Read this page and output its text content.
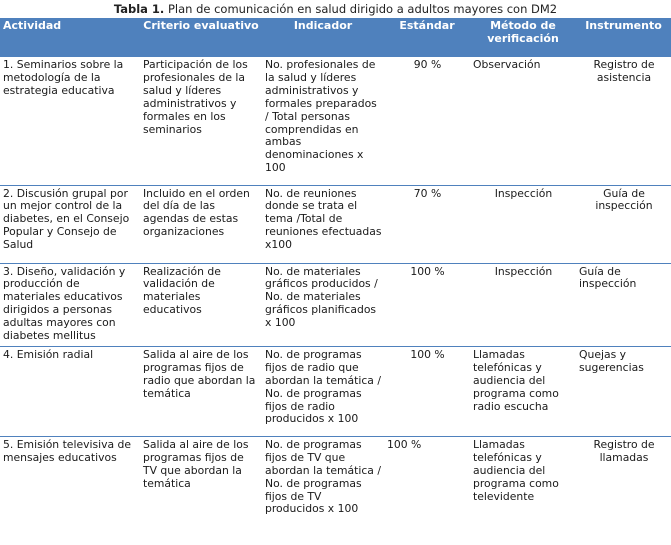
Tabla 1. Plan de comunicación en salud dirigido a adultos mayores con DM2
Actividad	Criterio evaluativo	Indicador	Estándar	Método de verificación	Instrumento
1. Seminarios sobre la metodología de la estrategia educativa	Participación de los profesionales de la salud y líderes administrativos y formales en los seminarios	No. profesionales de la salud y líderes administrativos y formales preparados / Total personas comprendidas en ambas denominaciones x 100	90 %	Observación	Registro de asistencia
2. Discusión grupal por un mejor control de la diabetes, en el Consejo Popular y Consejo de Salud	Incluido en el orden del día de las agendas de estas organizaciones	No. de reuniones donde se trata el tema /Total de reuniones efectuadas x100	70 %	Inspección	Guía de inspección
3. Diseño, validación y producción de materiales educativos dirigidos a personas adultas mayores con diabetes mellitus	Realización de validación de materiales educativos	No. de materiales gráficos producidos / No. de materiales gráficos planificados x 100	100 %	Inspección	Guía de inspección
4. Emisión radial	Salida al aire de los programas fijos de radio que abordan la temática	No. de programas fijos de radio que abordan la temática / No. de programas fijos de radio producidos x 100	100 %	Llamadas telefónicas y audiencia del programa como radio escucha	Quejas y sugerencias
5. Emisión televisiva de mensajes educativos	Salida al aire de los programas fijos de TV que abordan la temática	No. de programas fijos de TV que abordan la temática / No. de programas fijos de TV producidos x 100	100 %	Llamadas telefónicas y audiencia del programa como televidente	Registro de llamadas
